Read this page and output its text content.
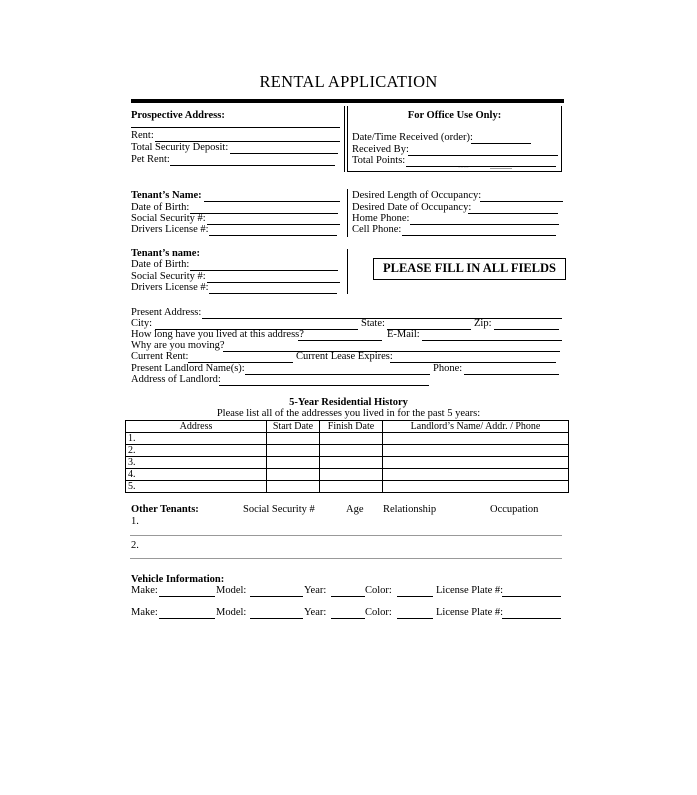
RENTAL APPLICATION
Prospective Address:
Rent:
Total Security Deposit:
Pet Rent:
For Office Use Only:
Date/Time Received (order):
Received By:
Total Points:
----	...........
Tenant’s Name:
Date of Birth:
Social Security #:
Drivers License #:
Desired Length of Occupancy:
Desired Date of Occupancy:
Home Phone:
Cell Phone:
Tenant’s name:
Date of Birth:
Social Security #:
Drivers License #:
PLEASE FILL IN ALL FIELDS
Present Address:
City:	State:	Zip:
How long have you lived at this address?	E-Mail:
Why are you moving?
Current Rent:	Current Lease Expires:
Present Landlord Name(s):	Phone:
Address of Landlord:
5-Year Residential History
Please list all of the addresses you lived in for the past 5 years:
Address	Start Date	Finish Date	Landlord’s Name/ Addr. / Phone
1.			
2.			
3.			
4.			
5.			
Other Tenants:	Social Security #	Age Relationship	Occupation
1.
2.
Vehicle Information:
Make:	Model:	Year:	Color:	License Plate #:
Make:	Model:	Year:	Color:	License Plate #:
